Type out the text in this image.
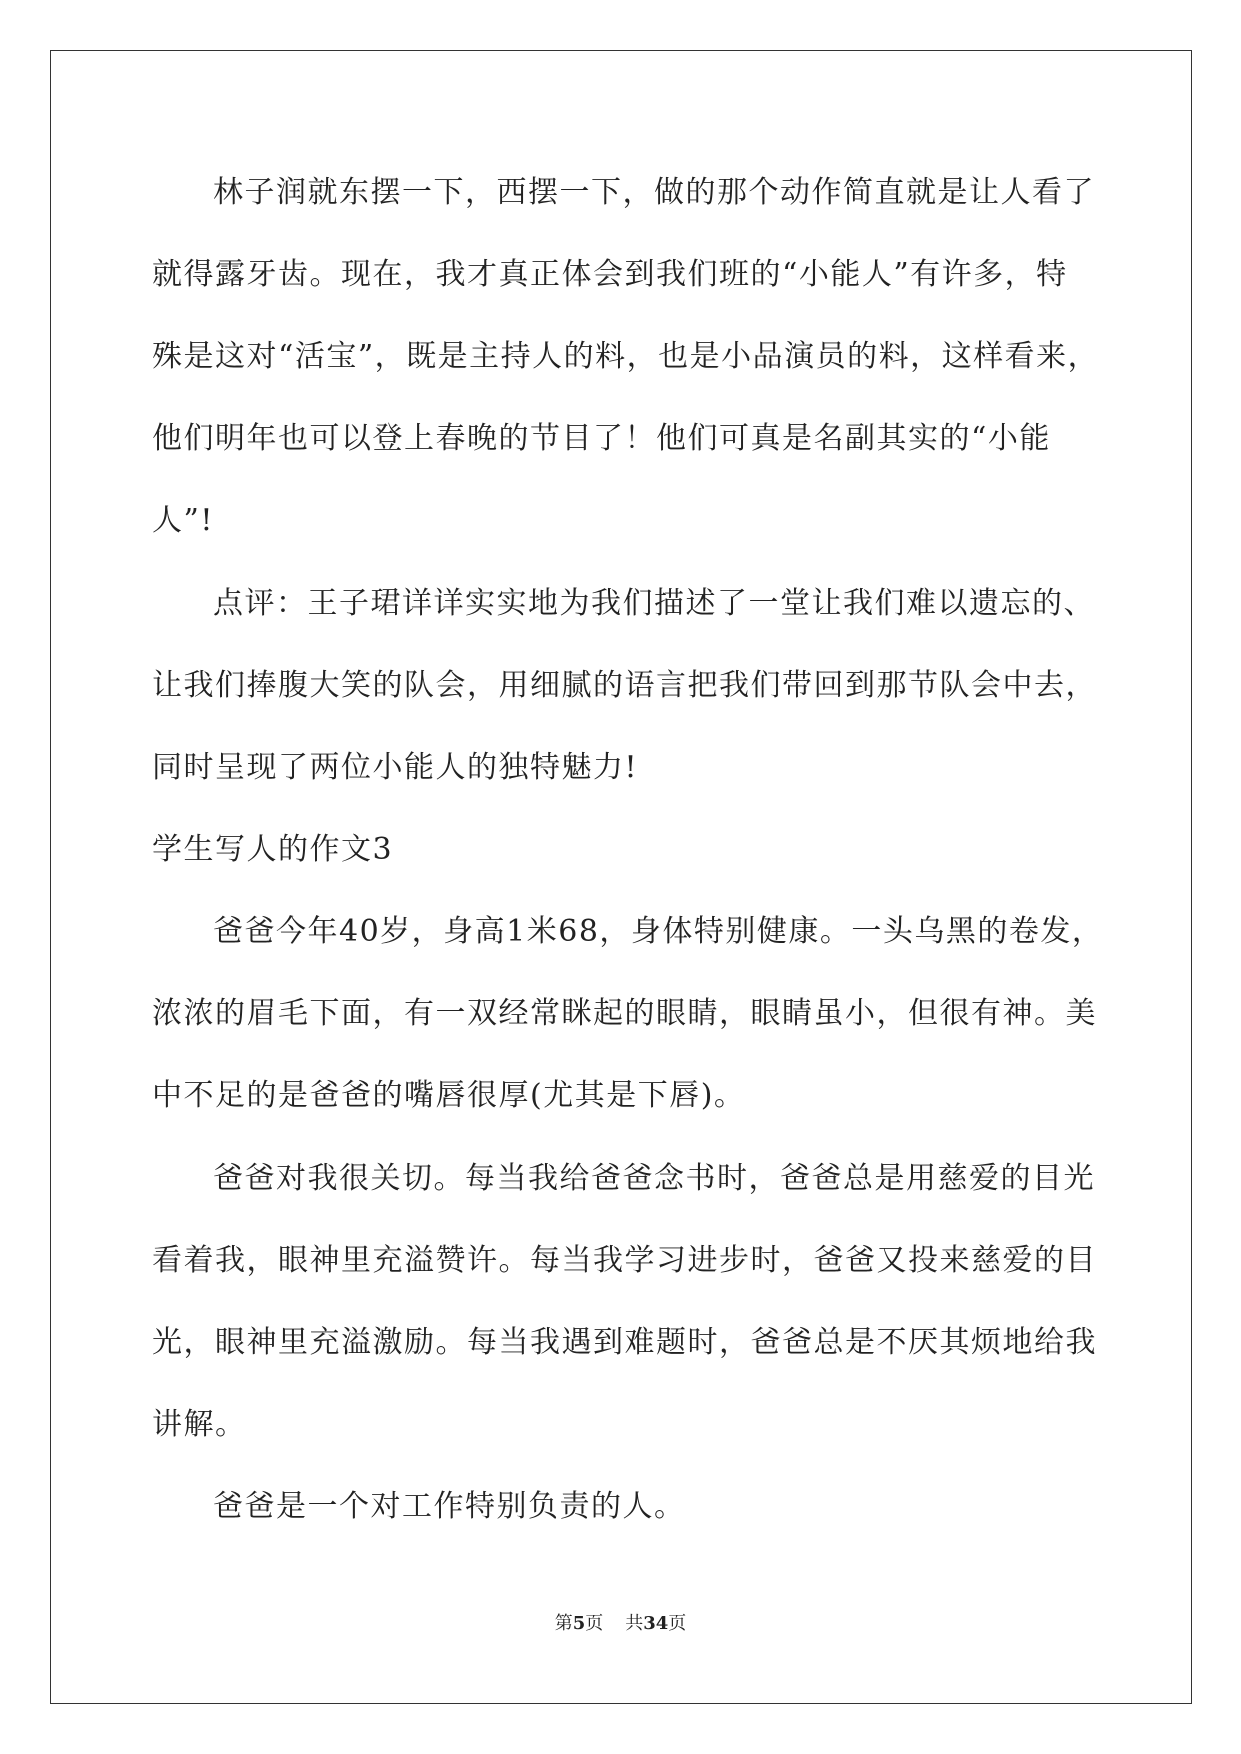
林子润就东摆一下，西摆一下，做的那个动作简直就是让人看了
就得露牙齿。现在，我才真正体会到我们班的“小能人”有许多，特
殊是这对“活宝”，既是主持人的料，也是小品演员的料，这样看来，
他们明年也可以登上春晚的节目了！他们可真是名副其实的“小能
人”!
点评：王子珺详详实实地为我们描述了一堂让我们难以遗忘的、
让我们捧腹大笑的队会，用细腻的语言把我们带回到那节队会中去，
同时呈现了两位小能人的独特魅力!
学生写人的作文3
爸爸今年40岁，身高1米68，身体特别健康。一头乌黑的卷发，
浓浓的眉毛下面，有一双经常眯起的眼睛，眼睛虽小，但很有神。美
中不足的是爸爸的嘴唇很厚(尤其是下唇)。
爸爸对我很关切。每当我给爸爸念书时，爸爸总是用慈爱的目光
看着我，眼神里充溢赞许。每当我学习进步时，爸爸又投来慈爱的目
光，眼神里充溢激励。每当我遇到难题时，爸爸总是不厌其烦地给我
讲解。
爸爸是一个对工作特别负责的人。
第5页 共34页
